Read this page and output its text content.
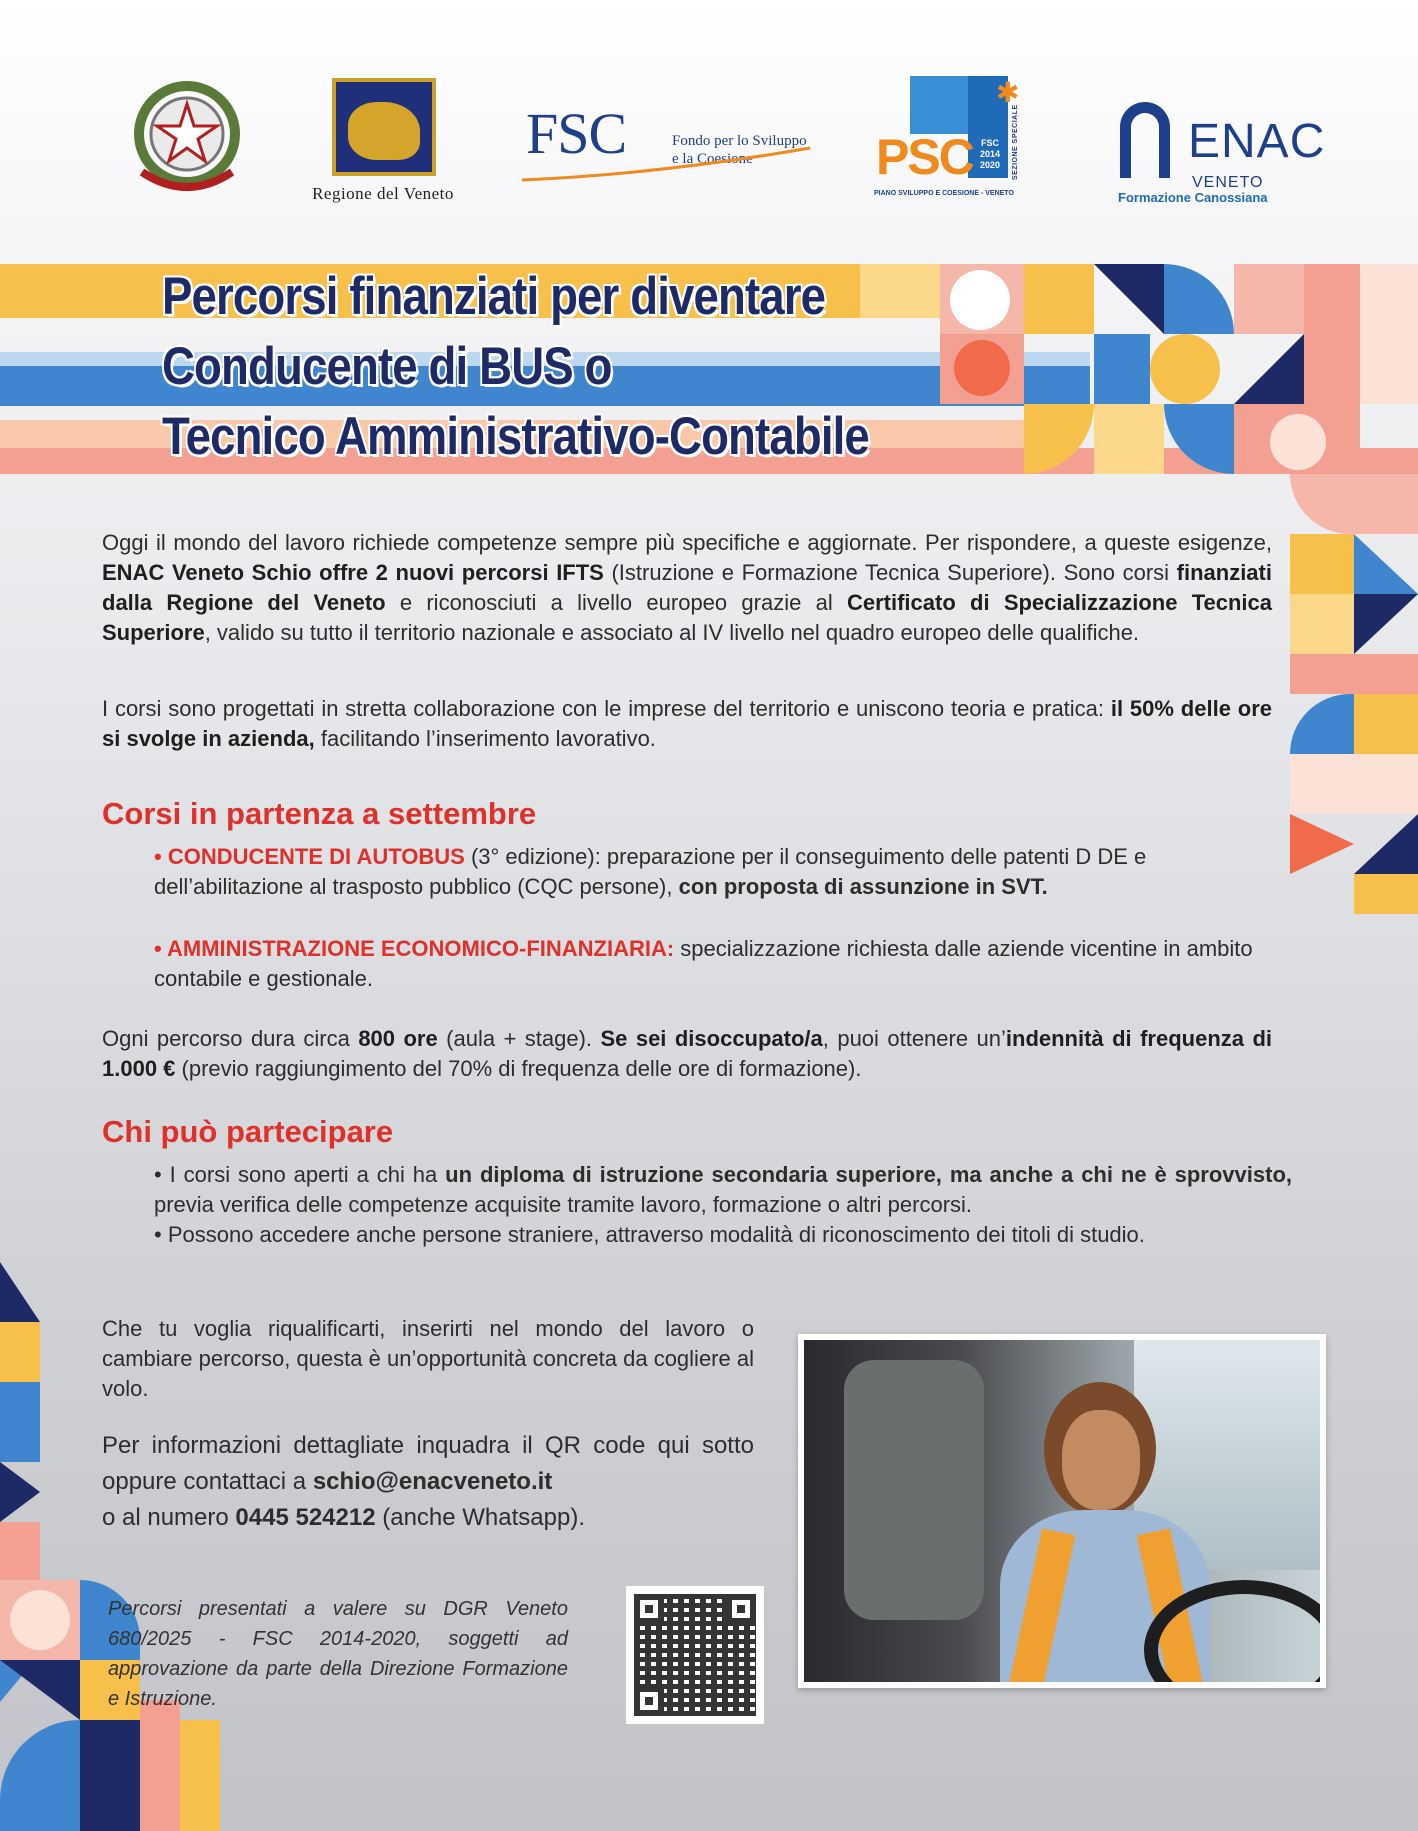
Regione del Veneto
FSC	Fondo per lo Sviluppo
e la Coesione
✱
PSC FSC
2014
2020	SEZIONE SPECIALE
PIANO SVILUPPO E COESIONE - VENETO
ENAC
VENETO
Formazione Canossiana
Percorsi finanziati per diventare
Conducente di BUS o
Tecnico Amministrativo-Contabile
Oggi il mondo del lavoro richiede competenze sempre più specifiche e aggiornate. Per rispondere, a queste esigenze, ENAC Veneto Schio offre 2 nuovi percorsi IFTS (Istruzione e Formazione Tecnica Superiore). Sono corsi finanziati dalla Regione del Veneto e riconosciuti a livello europeo grazie al Certificato di Specializzazione Tecnica Superiore, valido su tutto il territorio nazionale e associato al IV livello nel quadro europeo delle qualifiche.
I corsi sono progettati in stretta collaborazione con le imprese del territorio e uniscono teoria e pratica: il 50% delle ore si svolge in azienda, facilitando l’inserimento lavorativo.
Corsi in partenza a settembre
• CONDUCENTE DI AUTOBUS (3° edizione): preparazione per il conseguimento delle patenti D DE e dell’abilitazione al trasposto pubblico (CQC persone), con proposta di assunzione in SVT.
• AMMINISTRAZIONE ECONOMICO-FINANZIARIA: specializzazione richiesta dalle aziende vicentine in ambito contabile e gestionale.
Ogni percorso dura circa 800 ore (aula + stage). Se sei disoccupato/a, puoi ottenere un’indennità di frequenza di 1.000 € (previo raggiungimento del 70% di frequenza delle ore di formazione).
Chi può partecipare
• I corsi sono aperti a chi ha un diploma di istruzione secondaria superiore, ma anche a chi ne è sprovvisto, previa verifica delle competenze acquisite tramite lavoro, formazione o altri percorsi.
• Possono accedere anche persone straniere, attraverso modalità di riconoscimento dei titoli di studio.
Che tu voglia riqualificarti, inserirti nel mondo del lavoro o cambiare percorso, questa è un’opportunità concreta da cogliere al volo.
Per informazioni dettagliate inquadra il QR code qui sotto oppure contattaci a schio@enacveneto.it
o al numero 0445 524212 (anche Whatsapp).
Percorsi presentati a valere su DGR Veneto 680/2025 - FSC 2014-2020, soggetti ad approvazione da parte della Direzione Formazione e Istruzione.
